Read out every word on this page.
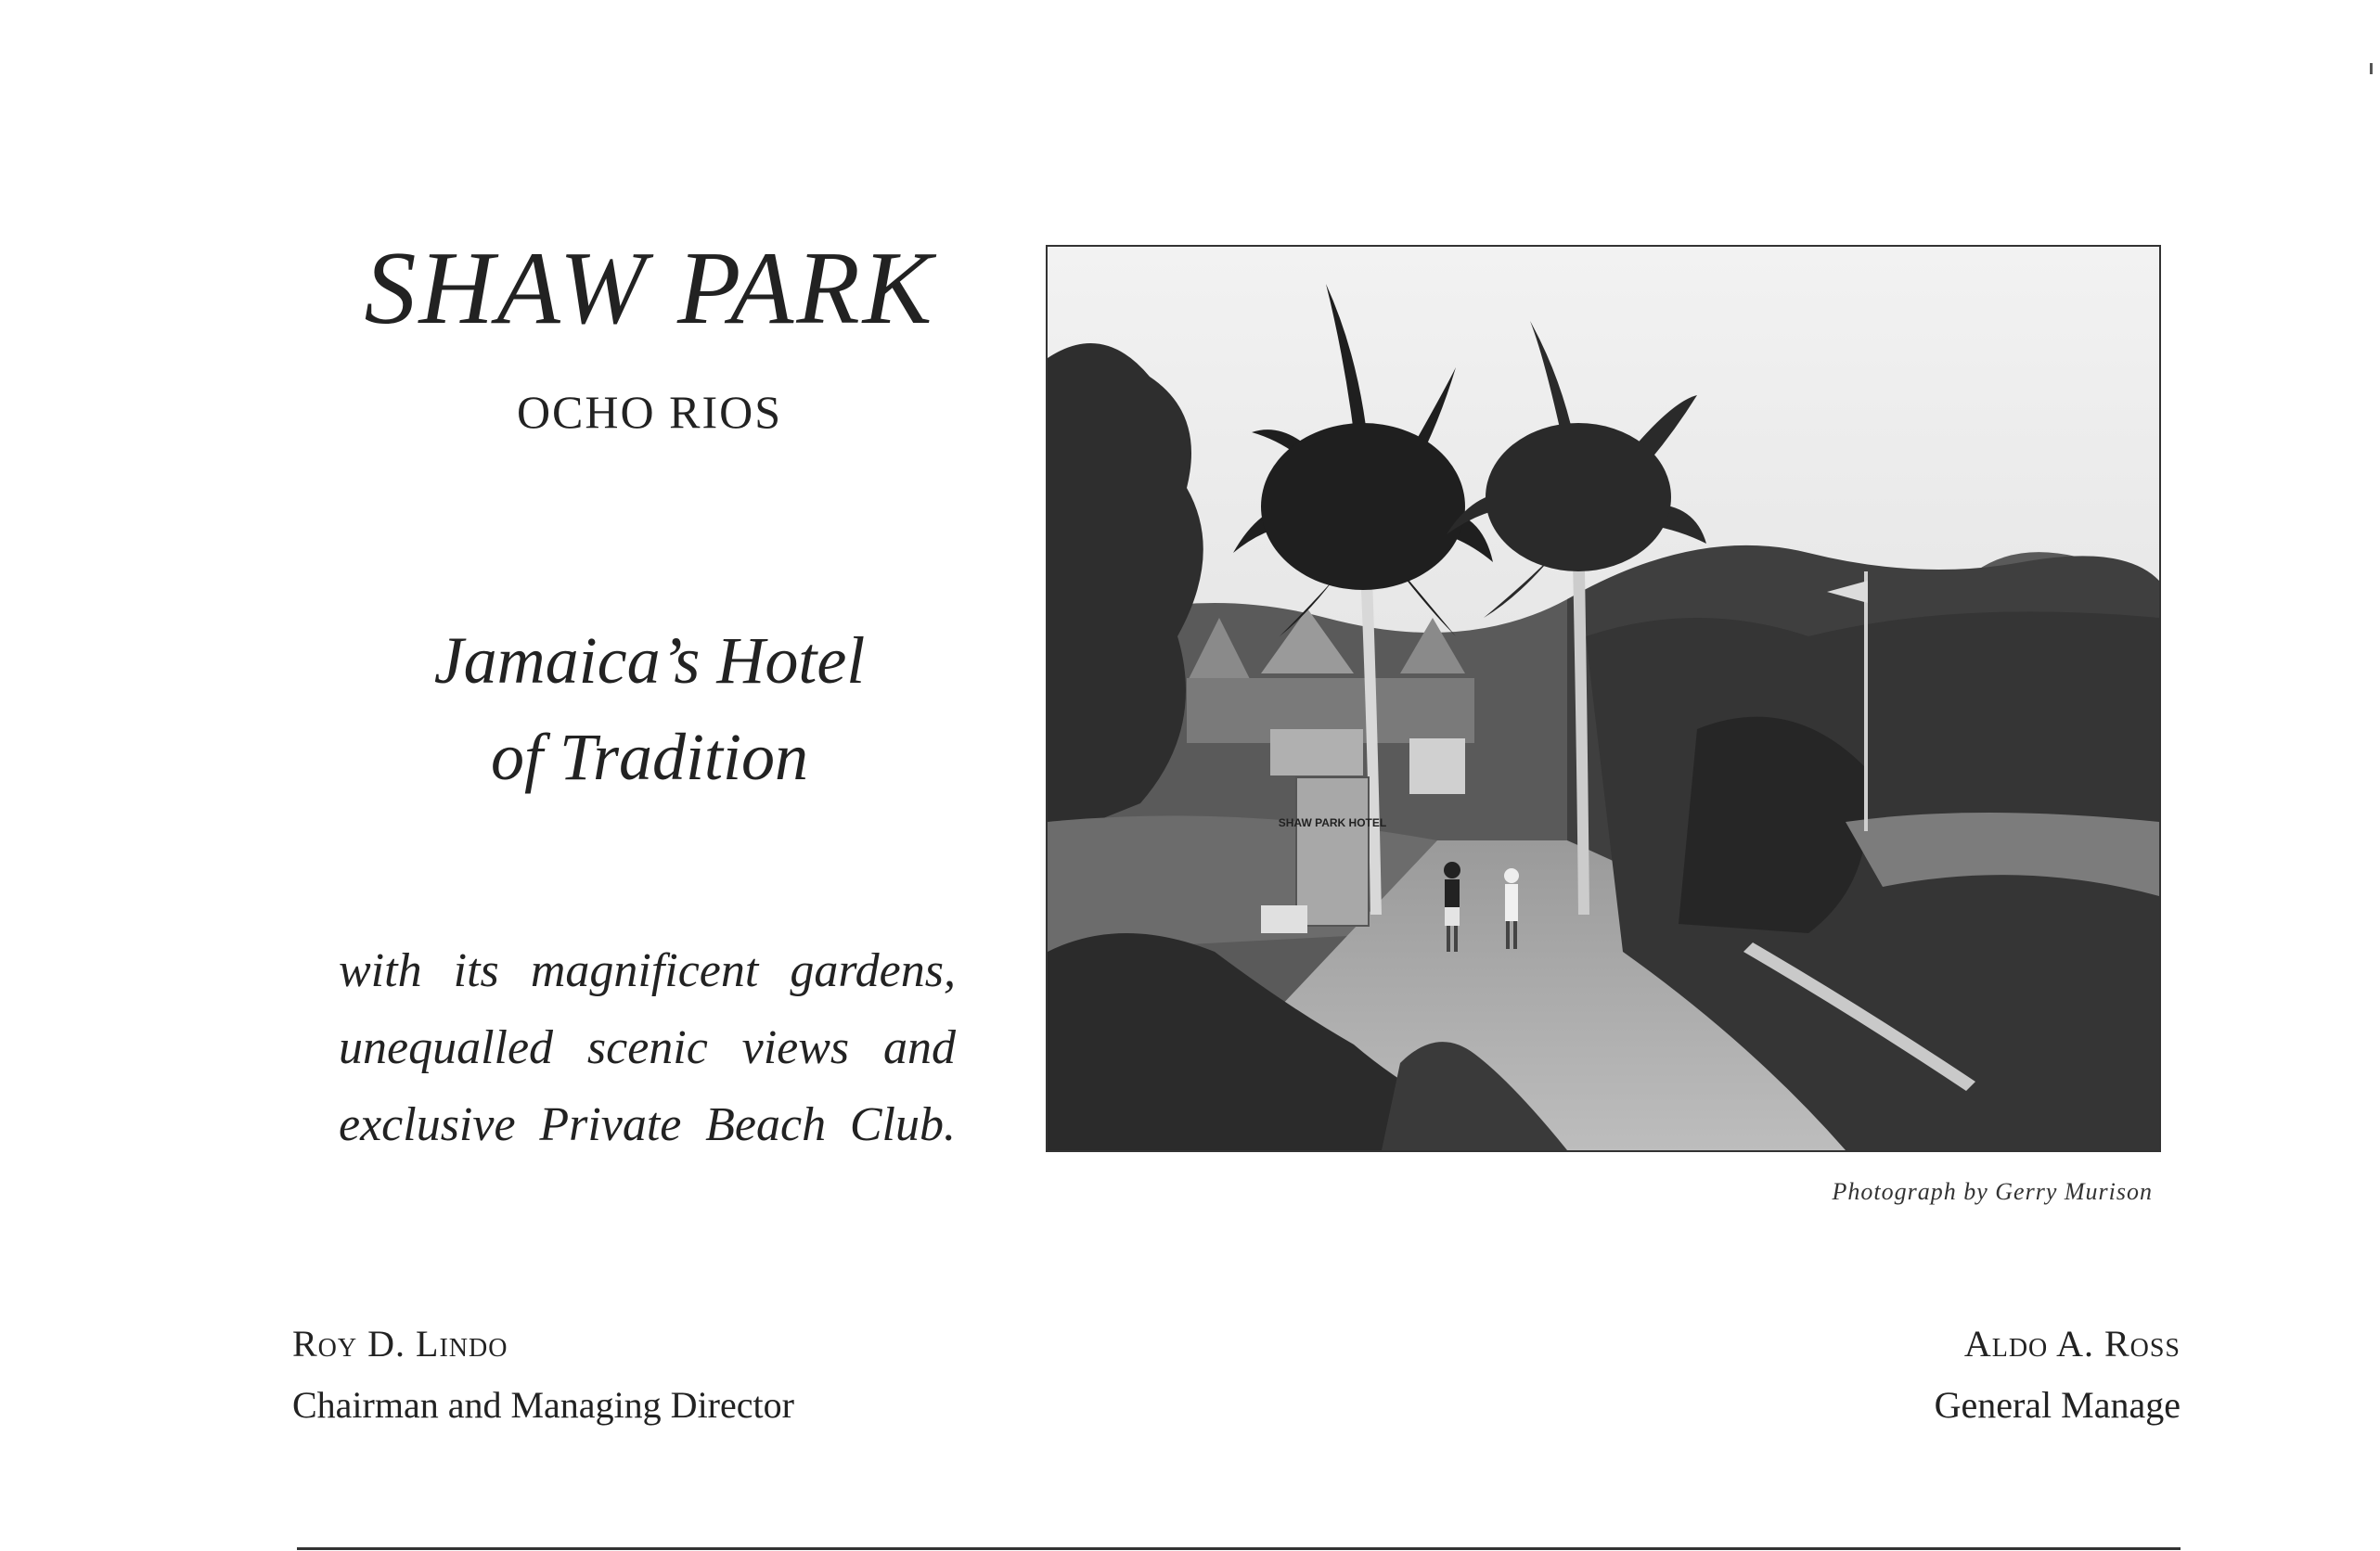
SHAW PARK
OCHO RIOS
Jamaica’s Hotel
of Tradition
with its magnificent gardens,
unequalled scenic views and
exclusive Private Beach Club.
SHAW PARK HOTEL
Photograph by Gerry Murison
Roy D. Lindo
Chairman and Managing Director
Aldo A. Ross
General Manage
